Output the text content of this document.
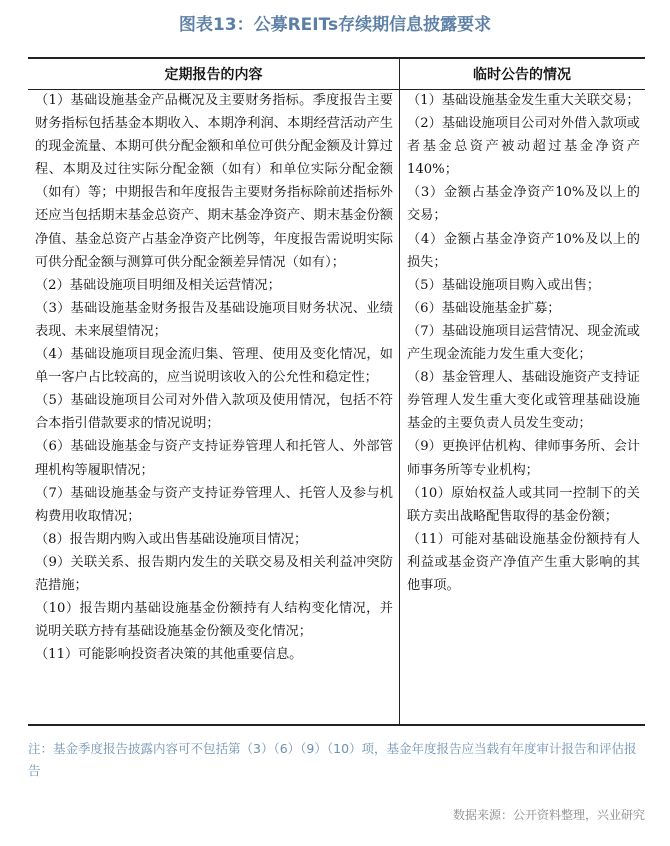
图表13：公募REITs存续期信息披露要求
定期报告的内容	临时公告的情况

（1）基础设施基金产品概况及主要财务指标。季度报告主要财务指标包括基金本期收入、本期净利润、本期经营活动产生的现金流量、本期可供分配金额和单位可供分配金额及计算过程、本期及过往实际分配金额（如有）和单位实际分配金额（如有）等；中期报告和年度报告主要财务指标除前述指标外还应当包括期末基金总资产、期末基金净资产、期末基金份额净值、基金总资产占基金净资产比例等，年度报告需说明实际可供分配金额与测算可供分配金额差异情况（如有）；

（2）基础设施项目明细及相关运营情况；

（3）基础设施基金财务报告及基础设施项目财务状况、业绩表现、未来展望情况；

（4）基础设施项目现金流归集、管理、使用及变化情况，如单一客户占比较高的，应当说明该收入的公允性和稳定性；

（5）基础设施项目公司对外借入款项及使用情况，包括不符合本指引借款要求的情况说明；

（6）基础设施基金与资产支持证券管理人和托管人、外部管理机构等履职情况；

（7）基础设施基金与资产支持证券管理人、托管人及参与机构费用收取情况；

（8）报告期内购入或出售基础设施项目情况；

（9）关联关系、报告期内发生的关联交易及相关利益冲突防范措施；

（10）报告期内基础设施基金份额持有人结构变化情况，并说明关联方持有基础设施基金份额及变化情况；

（11）可能影响投资者决策的其他重要信息。

（1）基础设施基金发生重大关联交易；

（2）基础设施项目公司对外借入款项或者基金总资产被动超过基金净资产140%；

（3）金额占基金净资产10%及以上的交易；

（4）金额占基金净资产10%及以上的损失；

（5）基础设施项目购入或出售；

（6）基础设施基金扩募；

（7）基础设施项目运营情况、现金流或产生现金流能力发生重大变化；

（8）基金管理人、基础设施资产支持证券管理人发生重大变化或管理基础设施基金的主要负责人员发生变动；

（9）更换评估机构、律师事务所、会计师事务所等专业机构；

（10）原始权益人或其同一控制下的关联方卖出战略配售取得的基金份额；

（11）可能对基础设施基金份额持有人利益或基金资产净值产生重大影响的其他事项。

注：基金季度报告披露内容可不包括第（3）（6）（9）（10）项，基金年度报告应当载有年度审计报告和评估报告
数据来源：公开资料整理，兴业研究
